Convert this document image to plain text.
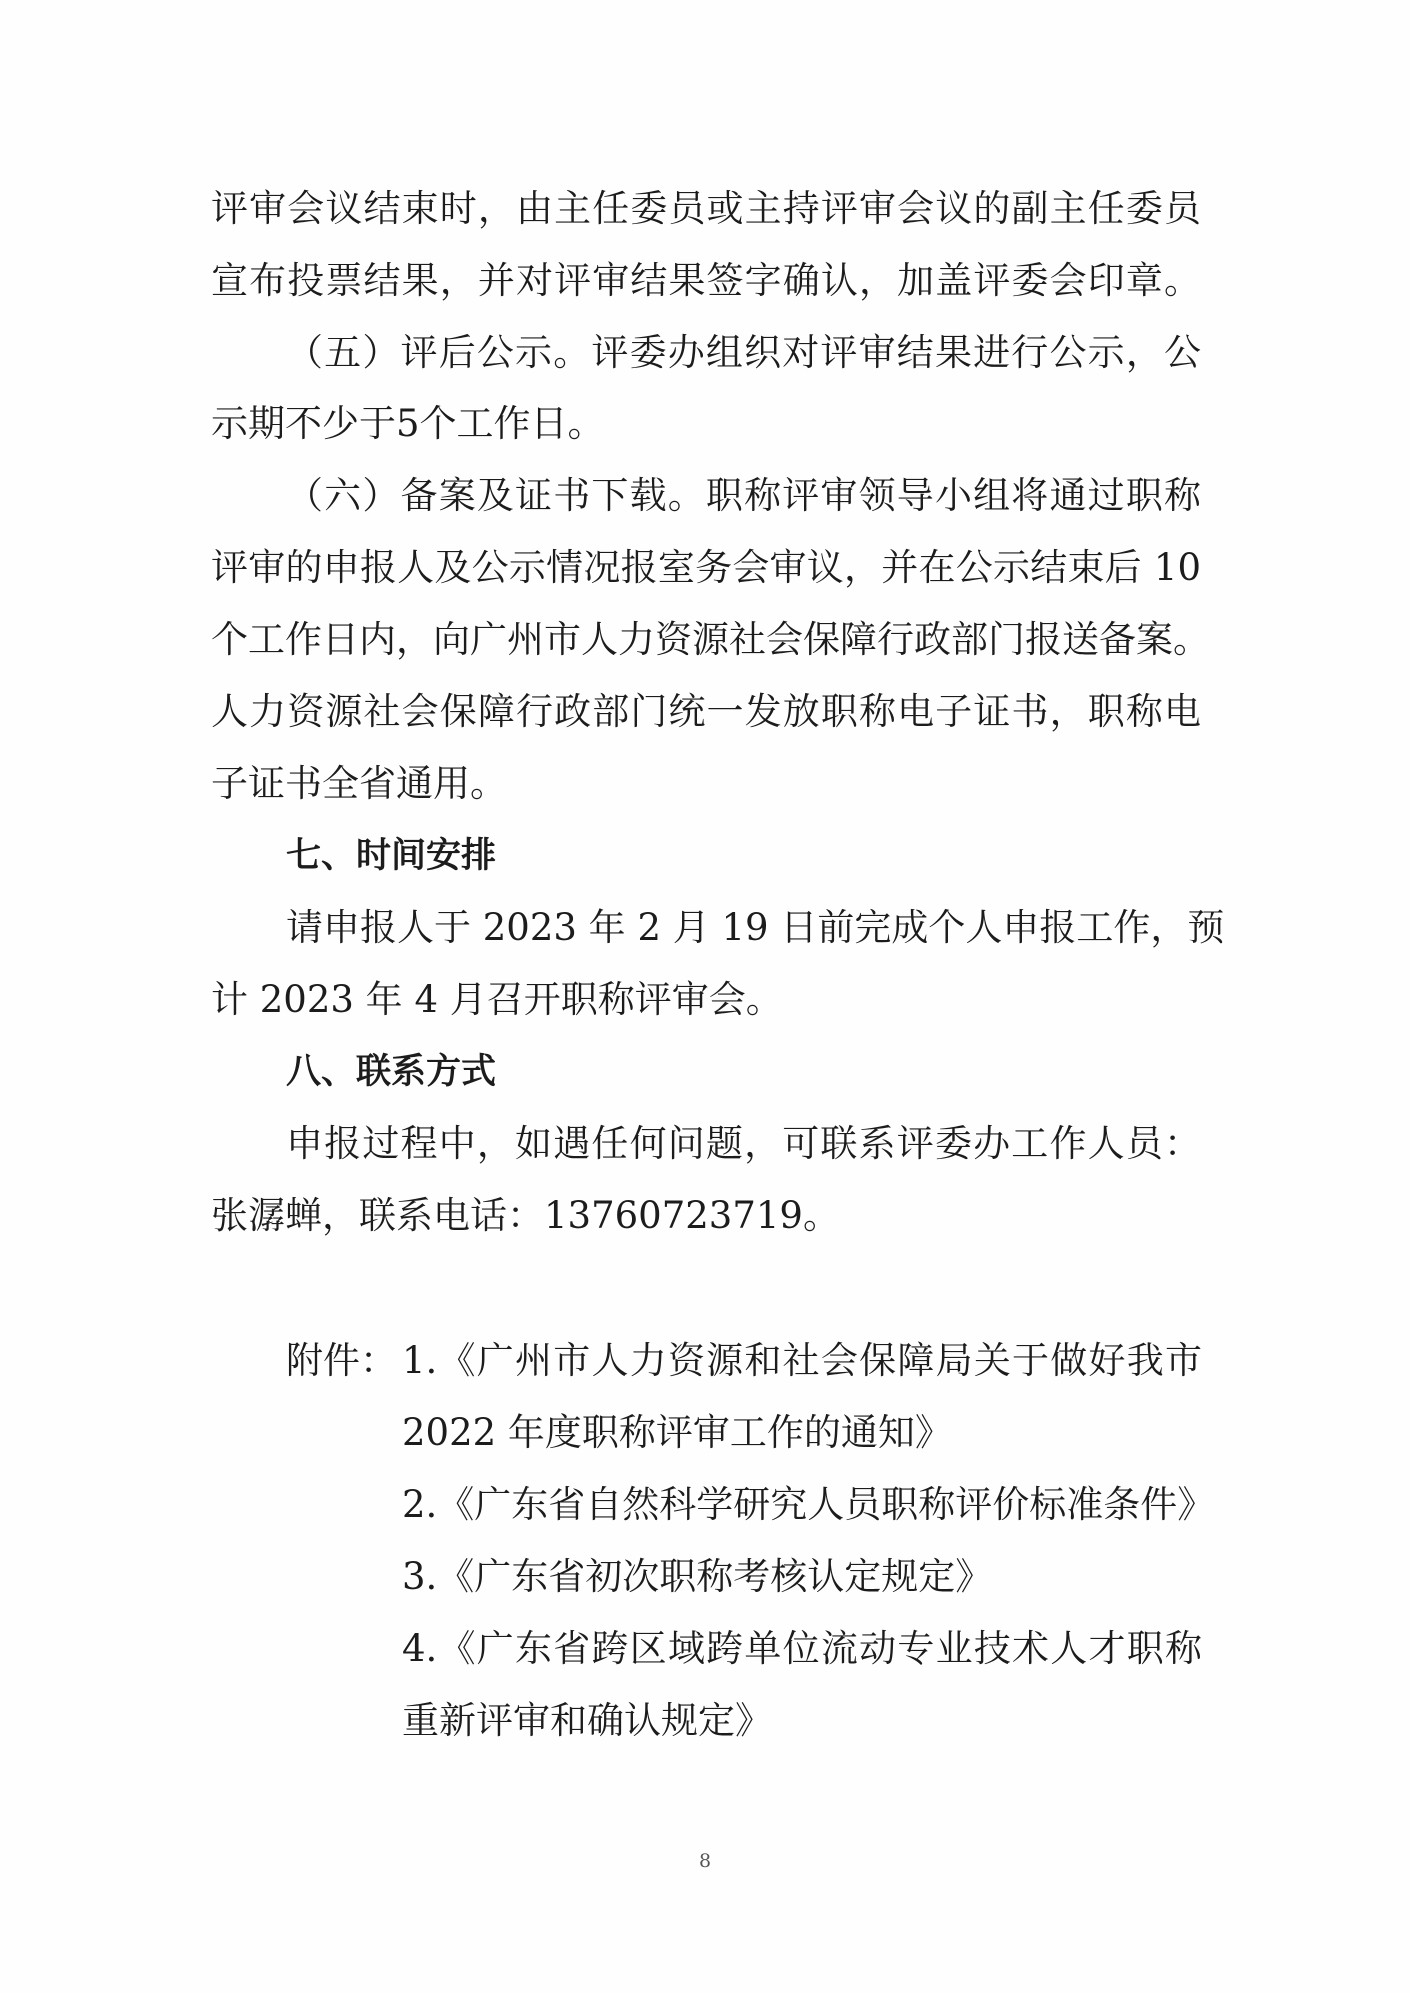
评审会议结束时，由主任委员或主持评审会议的副主任委员

宣布投票结果，并对评审结果签字确认，加盖评委会印章。

（五）评后公示。评委办组织对评审结果进行公示，公

示期不少于5个工作日。

（六）备案及证书下载。职称评审领导小组将通过职称

评审的申报人及公示情况报室务会审议，并在公示结束后 10

个工作日内，向广州市人力资源社会保障行政部门报送备案。

人力资源社会保障行政部门统一发放职称电子证书，职称电

子证书全省通用。

七、时间安排

请申报人于 2023 年 2 月 19 日前完成个人申报工作，预

计 2023 年 4 月召开职称评审会。

八、联系方式

申报过程中，如遇任何问题，可联系评委办工作人员：

张潺蝉，联系电话：13760723719。

附件： 1.《广州市人力资源和社会保障局关于做好我市
2022 年度职称评审工作的通知》
2.《广东省自然科学研究人员职称评价标准条件》
3.《广东省初次职称考核认定规定》
4.《广东省跨区域跨单位流动专业技术人才职称
重新评审和确认规定》
8
